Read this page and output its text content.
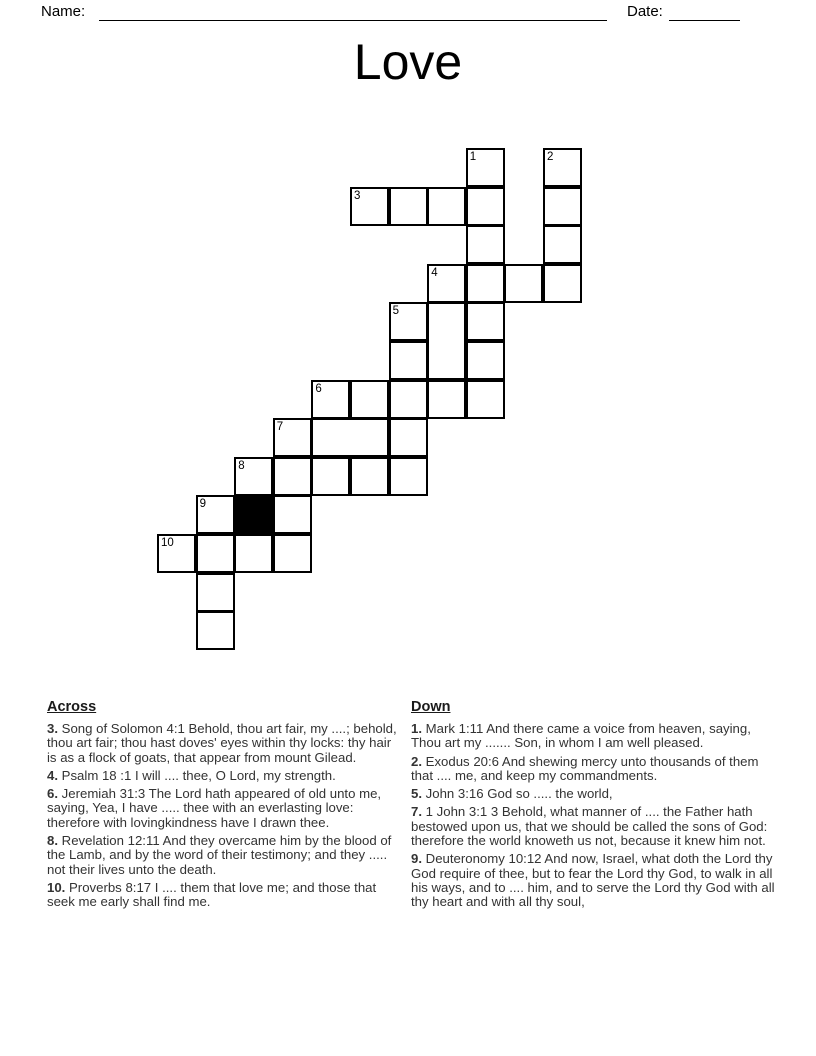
Name:	Date:
Love
1	2
3
4
5
6
7
8
9
10
Across
3. Song of Solomon 4:1 Behold, thou art fair, my ....; behold, thou art fair; thou hast doves' eyes within thy locks: thy hair is as a flock of goats, that appear from mount Gilead.
4. Psalm 18 :1 I will .... thee, O Lord, my strength.
6. Jeremiah 31:3 The Lord hath appeared of old unto me, saying, Yea, I have ..... thee with an everlasting love: therefore with lovingkindness have I drawn thee.
8. Revelation 12:11 And they overcame him by the blood of the Lamb, and by the word of their testimony; and they ..... not their lives unto the death.
10. Proverbs 8:17 I .... them that love me; and those that seek me early shall find me.
Down
1. Mark 1:11 And there came a voice from heaven, saying, Thou art my ....... Son, in whom I am well pleased.
2. Exodus 20:6 And shewing mercy unto thousands of them that .... me, and keep my commandments.
5. John 3:16 God so ..... the world,
7. 1 John 3:1 3 Behold, what manner of .... the Father hath bestowed upon us, that we should be called the sons of God: therefore the world knoweth us not, because it knew him not.
9. Deuteronomy 10:12 And now, Israel, what doth the Lord thy God require of thee, but to fear the Lord thy God, to walk in all his ways, and to .... him, and to serve the Lord thy God with all thy heart and with all thy soul,
